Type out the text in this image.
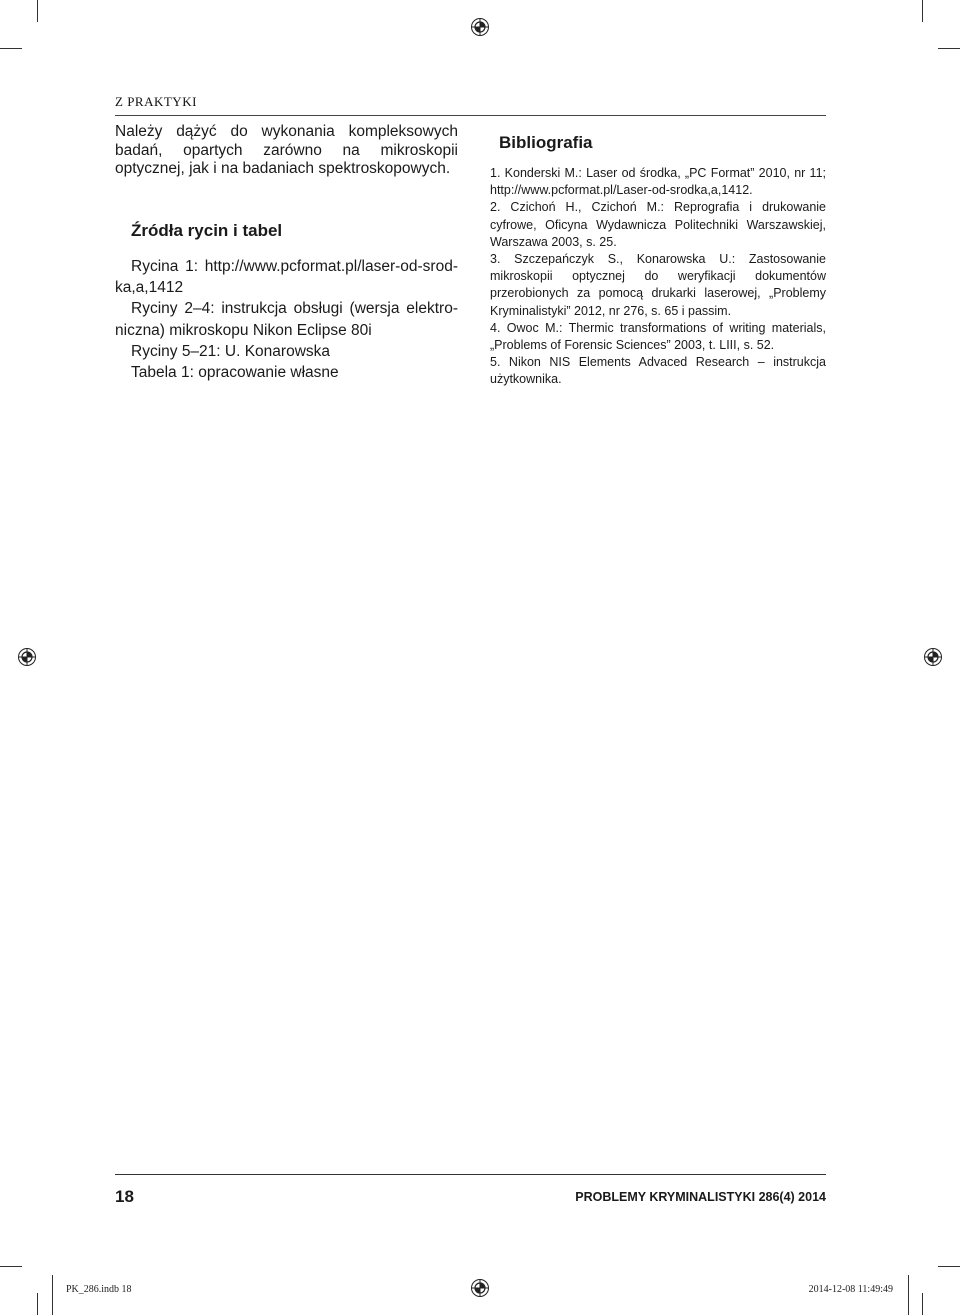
Z PRAKTYKI

Należy dążyć do wykonania kompleksowych badań, opartych zarówno na mikroskopii optycznej, jak i na badaniach spektroskopowych.

Źródła rycin i tabel
Rycina 1: http://www.pcformat.pl/laser-od-srod-
ka,a,1412
Ryciny 2–4: instrukcja obsługi (wersja elektro-
niczna) mikroskopu Nikon Eclipse 80i
Ryciny 5–21: U. Konarowska
Tabela 1: opracowanie własne
Bibliografia
1. Konderski M.: Laser od środka, „PC Format” 2010, nr 11; http://www.pcformat.pl/Laser-od-srodka,a,1412.
2. Czichoń H., Czichoń M.: Reprografia i drukowanie cyfrowe, Oficyna Wydawnicza Politechniki Warszawskiej, Warszawa 2003, s. 25.
3. Szczepańczyk S., Konarowska U.: Zastosowanie mikroskopii optycznej do weryfikacji dokumentów przerobionych za pomocą drukarki laserowej, „Problemy Kryminalistyki” 2012, nr 276, s. 65 i passim.
4. Owoc M.: Thermic transformations of writing materials, „Problems of Forensic Sciences” 2003, t. LIII, s. 52.
5. Nikon NIS Elements Advaced Research – instrukcja użytkownika.
18	PROBLEMY KRYMINALISTYKI 286(4) 2014
PK_286.indb 18	2014-12-08 11:49:49
